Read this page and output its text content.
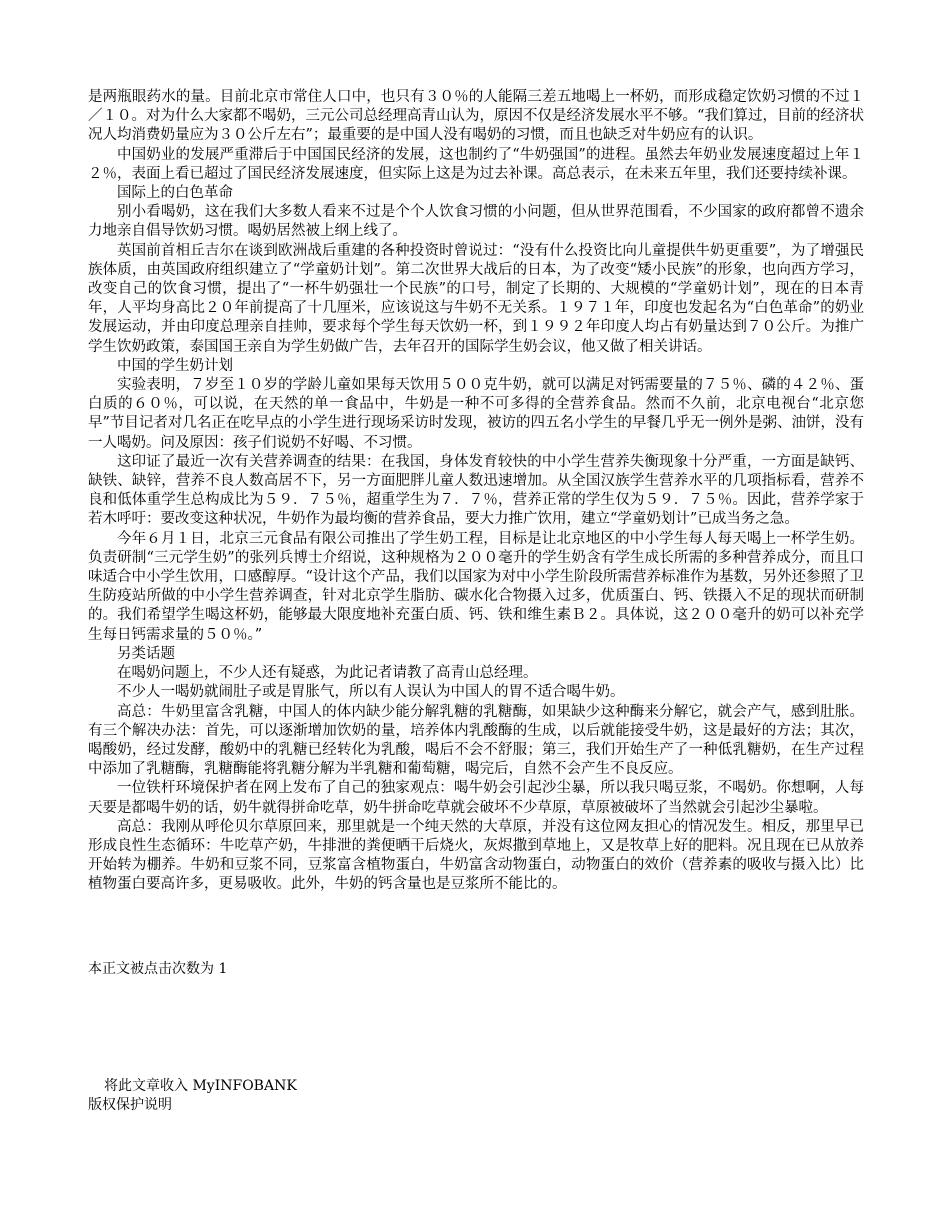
是两瓶眼药水的量。目前北京市常住人口中，也只有３０％的人能隔三差五地喝上一杯奶，而形成稳定饮奶习惯的不过１／１０。对为什么大家都不喝奶，三元公司总经理高青山认为，原因不仅是经济发展水平不够。“我们算过，目前的经济状况人均消费奶量应为３０公斤左右”；最重要的是中国人没有喝奶的习惯，而且也缺乏对牛奶应有的认识。

中国奶业的发展严重滞后于中国国民经济的发展，这也制约了“牛奶强国”的进程。虽然去年奶业发展速度超过上年１２％，表面上看已超过了国民经济发展速度，但实际上这是为过去补课。高总表示，在未来五年里，我们还要持续补课。

国际上的白色革命

别小看喝奶，这在我们大多数人看来不过是个个人饮食习惯的小问题，但从世界范围看，不少国家的政府都曾不遗余力地亲自倡导饮奶习惯。喝奶居然被上纲上线了。

英国前首相丘吉尔在谈到欧洲战后重建的各种投资时曾说过：“没有什么投资比向儿童提供牛奶更重要”，为了增强民族体质，由英国政府组织建立了“学童奶计划”。第二次世界大战后的日本，为了改变“矮小民族”的形象，也向西方学习，改变自己的饮食习惯，提出了“一杯牛奶强壮一个民族”的口号，制定了长期的、大规模的“学童奶计划”，现在的日本青年，人平均身高比２０年前提高了十几厘米，应该说这与牛奶不无关系。１９７１年，印度也发起名为“白色革命”的奶业发展运动，并由印度总理亲自挂帅，要求每个学生每天饮奶一杯，到１９９２年印度人均占有奶量达到７０公斤。为推广学生饮奶政策，泰国国王亲自为学生奶做广告，去年召开的国际学生奶会议，他又做了相关讲话。

中国的学生奶计划

实验表明，７岁至１０岁的学龄儿童如果每天饮用５００克牛奶，就可以满足对钙需要量的７５％、磷的４２％、蛋白质的６０％，可以说，在天然的单一食品中，牛奶是一种不可多得的全营养食品。然而不久前，北京电视台“北京您早”节目记者对几名正在吃早点的小学生进行现场采访时发现，被访的四五名小学生的早餐几乎无一例外是粥、油饼，没有一人喝奶。问及原因：孩子们说奶不好喝、不习惯。

这印证了最近一次有关营养调查的结果：在我国，身体发育较快的中小学生营养失衡现象十分严重，一方面是缺钙、缺铁、缺锌，营养不良人数高居不下，另一方面肥胖儿童人数迅速增加。从全国汉族学生营养水平的几项指标看，营养不良和低体重学生总构成比为５９．７５％，超重学生为７．７％，营养正常的学生仅为５９．７５％。因此，营养学家于若木呼吁：要改变这种状况，牛奶作为最均衡的营养食品，要大力推广饮用，建立“学童奶划计”已成当务之急。

今年６月１日，北京三元食品有限公司推出了学生奶工程，目标是让北京地区的中小学生每人每天喝上一杯学生奶。负责研制“三元学生奶”的张列兵博士介绍说，这种规格为２００毫升的学生奶含有学生成长所需的多种营养成分，而且口味适合中小学生饮用，口感醇厚。“设计这个产品，我们以国家为对中小学生阶段所需营养标准作为基数，另外还参照了卫生防疫站所做的中小学生营养调查，针对北京学生脂肪、碳水化合物摄入过多，优质蛋白、钙、铁摄入不足的现状而研制的。我们希望学生喝这杯奶，能够最大限度地补充蛋白质、钙、铁和维生素Ｂ２。具体说，这２００毫升的奶可以补充学生每日钙需求量的５０％。”

另类话题

在喝奶问题上，不少人还有疑惑，为此记者请教了高青山总经理。

不少人一喝奶就闹肚子或是胃胀气，所以有人误认为中国人的胃不适合喝牛奶。

高总：牛奶里富含乳糖，中国人的体内缺少能分解乳糖的乳糖酶，如果缺少这种酶来分解它，就会产气，感到肚胀。有三个解决办法：首先，可以逐渐增加饮奶的量，培养体内乳酸酶的生成，以后就能接受牛奶，这是最好的方法；其次，喝酸奶，经过发酵，酸奶中的乳糖已经转化为乳酸，喝后不会不舒服；第三，我们开始生产了一种低乳糖奶，在生产过程中添加了乳糖酶，乳糖酶能将乳糖分解为半乳糖和葡萄糖，喝完后，自然不会产生不良反应。

一位铁杆环境保护者在网上发布了自己的独家观点：喝牛奶会引起沙尘暴，所以我只喝豆浆，不喝奶。你想啊，人每天要是都喝牛奶的话，奶牛就得拼命吃草，奶牛拼命吃草就会破坏不少草原，草原被破坏了当然就会引起沙尘暴啦。

高总：我刚从呼伦贝尔草原回来，那里就是一个纯天然的大草原，并没有这位网友担心的情况发生。相反，那里早已形成良性生态循环：牛吃草产奶，牛排泄的粪便晒干后烧火，灰烬撒到草地上，又是牧草上好的肥料。况且现在已从放养开始转为棚养。牛奶和豆浆不同，豆浆富含植物蛋白，牛奶富含动物蛋白，动物蛋白的效价（营养素的吸收与摄入比）比植物蛋白要高许多，更易吸收。此外，牛奶的钙含量也是豆浆所不能比的。

本正文被点击次数为 1
将此文章收入 MyINFOBANK
版权保护说明
